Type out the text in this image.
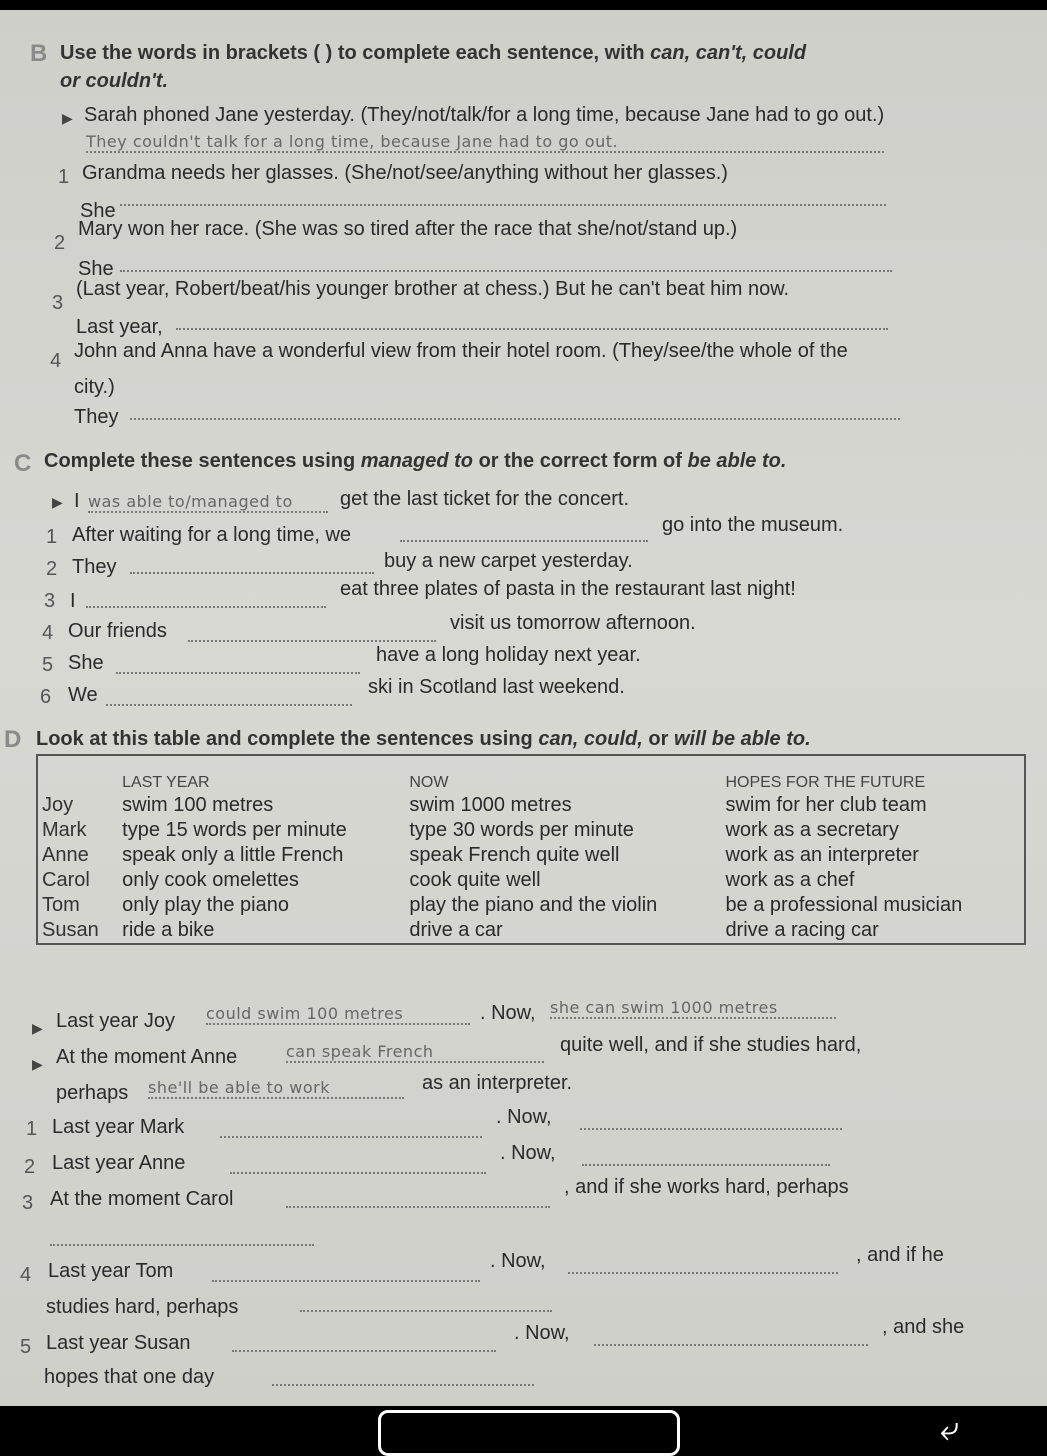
B Use the words in brackets ( ) to complete each sentence, with can, can't, could
or couldn't.
▶ Sarah phoned Jane yesterday. (They/not/talk/for a long time, because Jane had to go out.)
They couldn't talk for a long time, because Jane had to go out.
1 Grandma needs her glasses. (She/not/see/anything without her glasses.)
She
2
Mary won her race. (She was so tired after the race that she/not/stand up.)
She
3
(Last year, Robert/beat/his younger brother at chess.) But he can't beat him now.
Last year,
4 John and Anna have a wonderful view from their hotel room. (They/see/the whole of the
city.)
They
C Complete these sentences using managed to or the correct form of be able to.
▶ I was able to/managed to	get the last ticket for the concert.
1 After waiting for a long time, we	go into the museum.
2 They	buy a new carpet yesterday.
3 I
eat three plates of pasta in the restaurant last night!
4 Our friends	visit us tomorrow afternoon.
5 She	have a long holiday next year.
6 We	ski in Scotland last weekend.
D Look at this table and complete the sentences using can, could, or will be able to.
	LAST YEAR	NOW	HOPES FOR THE FUTURE
Joy	swim 100 metres	swim 1000 metres	swim for her club team
Mark	type 15 words per minute	type 30 words per minute	work as a secretary
Anne	speak only a little French	speak French quite well	work as an interpreter
Carol	only cook omelettes	cook quite well	work as a chef
Tom	only play the piano	play the piano and the violin	be a professional musician
Susan	ride a bike	drive a car	drive a racing car
▶ Last year Joy could swim 100 metres	. Now, she can swim 1000 metres
▶ At the moment Anne	can speak French	quite well, and if she studies hard,
perhaps she'll be able to work	as an interpreter.
1 Last year Mark	. Now,
2 Last year Anne	. Now,
3 At the moment Carol
, and if she works hard, perhaps
4 Last year Tom	. Now,	, and if he
studies hard, perhaps
5 Last year Susan	. Now,	, and she
hopes that one day
⤶
